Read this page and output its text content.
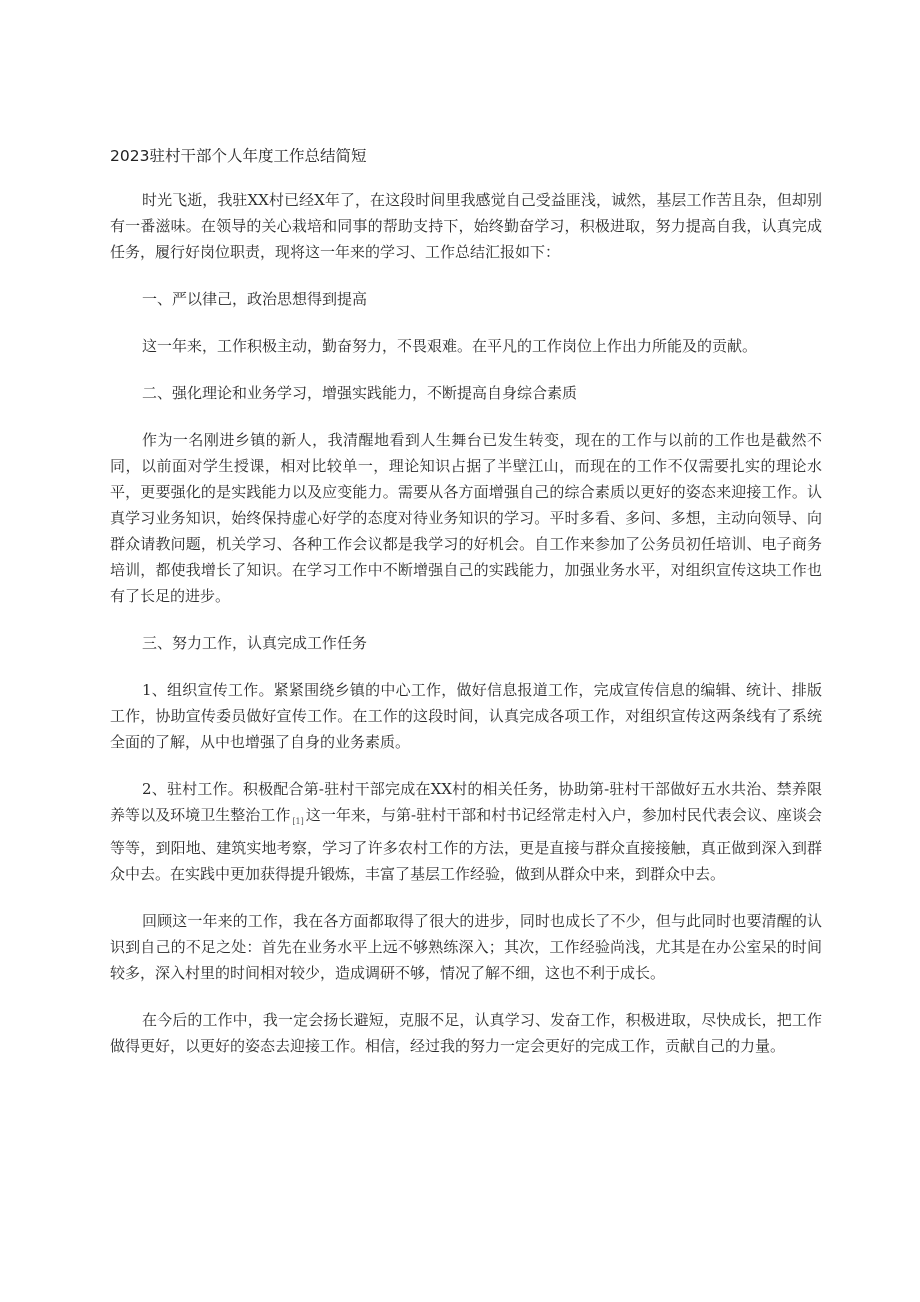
2023驻村干部个人年度工作总结简短

时光飞逝，我驻XX村已经X年了，在这段时间里我感觉自己受益匪浅，诚然，基层工作苦且杂，但却别有一番滋味。在领导的关心栽培和同事的帮助支持下，始终勤奋学习，积极进取，努力提高自我，认真完成任务，履行好岗位职责，现将这一年来的学习、工作总结汇报如下：

一、严以律己，政治思想得到提高

这一年来，工作积极主动，勤奋努力，不畏艰难。在平凡的工作岗位上作出力所能及的贡献。

二、强化理论和业务学习，增强实践能力，不断提高自身综合素质

作为一名刚进乡镇的新人，我清醒地看到人生舞台已发生转变，现在的工作与以前的工作也是截然不同，以前面对学生授课，相对比较单一，理论知识占据了半壁江山，而现在的工作不仅需要扎实的理论水平，更要强化的是实践能力以及应变能力。需要从各方面增强自己的综合素质以更好的姿态来迎接工作。认真学习业务知识，始终保持虚心好学的态度对待业务知识的学习。平时多看、多问、多想，主动向领导、向群众请教问题，机关学习、各种工作会议都是我学习的好机会。自工作来参加了公务员初任培训、电子商务培训，都使我增长了知识。在学习工作中不断增强自己的实践能力，加强业务水平，对组织宣传这块工作也有了长足的进步。

三、努力工作，认真完成工作任务

1、组织宣传工作。紧紧围绕乡镇的中心工作，做好信息报道工作，完成宣传信息的编辑、统计、排版工作，协助宣传委员做好宣传工作。在工作的这段时间，认真完成各项工作，对组织宣传这两条线有了系统全面的了解，从中也增强了自身的业务素质。

2、驻村工作。积极配合第-驻村干部完成在XX村的相关任务，协助第-驻村干部做好五水共治、禁养限养等以及环境卫生整治工作 $_{[1]}$ 这一年来，与第-驻村干部和村书记经常走村入户，参加村民代表会议、座谈会等等，到阳地、建筑实地考察，学习了许多农村工作的方法，更是直接与群众直接接触，真正做到深入到群众中去。在实践中更加获得提升锻炼，丰富了基层工作经验，做到从群众中来，到群众中去。

回顾这一年来的工作，我在各方面都取得了很大的进步，同时也成长了不少，但与此同时也要清醒的认识到自己的不足之处：首先在业务水平上远不够熟练深入；其次，工作经验尚浅，尤其是在办公室呆的时间较多，深入村里的时间相对较少，造成调研不够，情况了解不细，这也不利于成长。

在今后的工作中，我一定会扬长避短，克服不足，认真学习、发奋工作，积极进取，尽快成长，把工作做得更好，以更好的姿态去迎接工作。相信，经过我的努力一定会更好的完成工作，贡献自己的力量。
